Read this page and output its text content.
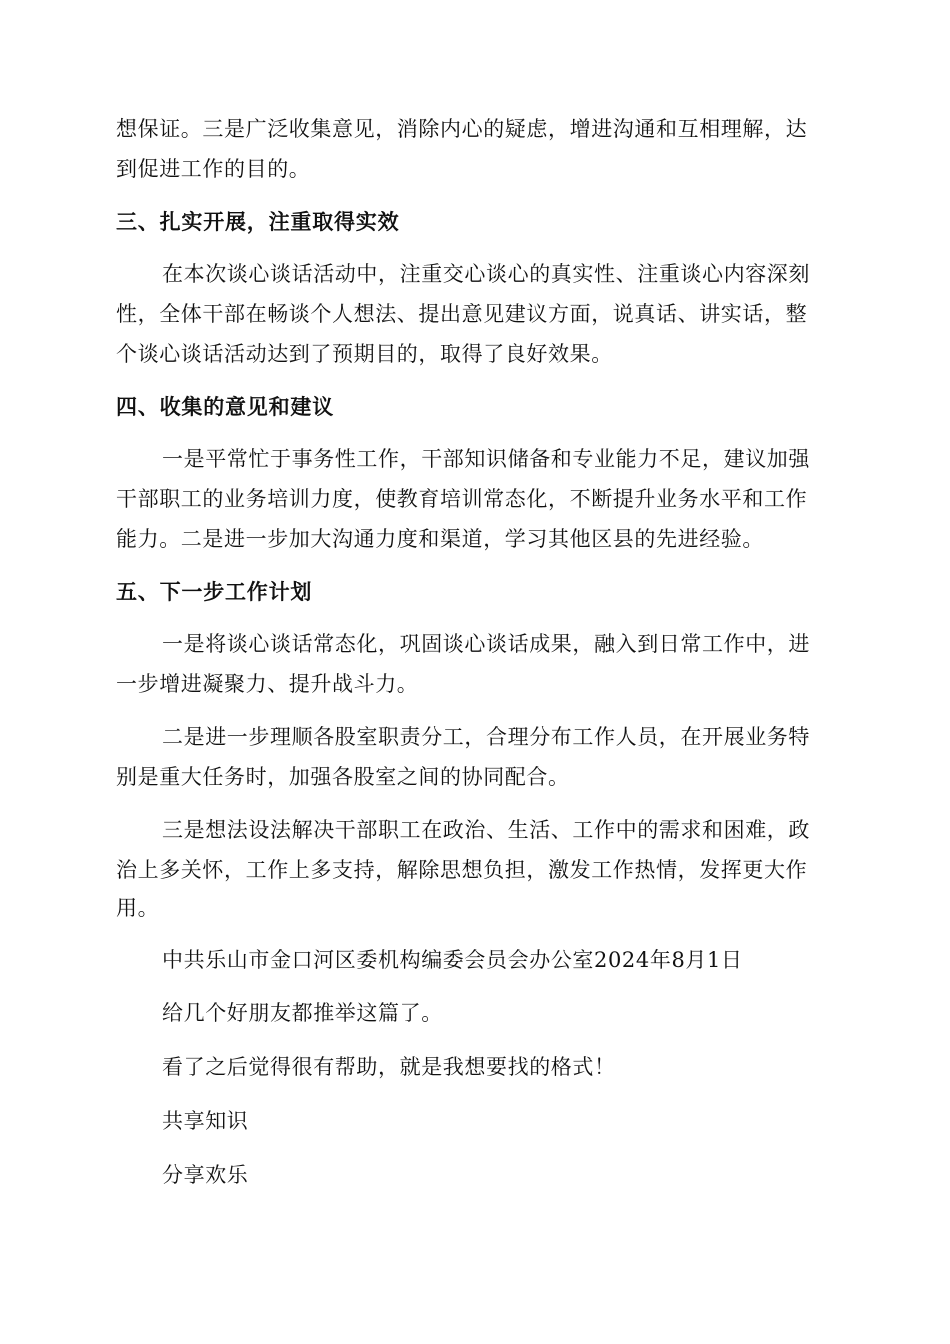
想保证。三是广泛收集意见，消除内心的疑虑，增进沟通和互相理解，达
到促进工作的目的。
三、扎实开展，注重取得实效
在本次谈心谈话活动中，注重交心谈心的真实性、注重谈心内容深刻
性，全体干部在畅谈个人想法、提出意见建议方面，说真话、讲实话，整
个谈心谈话活动达到了预期目的，取得了良好效果。
四、收集的意见和建议
一是平常忙于事务性工作，干部知识储备和专业能力不足，建议加强
干部职工的业务培训力度，使教育培训常态化，不断提升业务水平和工作
能力。二是进一步加大沟通力度和渠道，学习其他区县的先进经验。
五、下一步工作计划
一是将谈心谈话常态化，巩固谈心谈话成果，融入到日常工作中，进
一步增进凝聚力、提升战斗力。
二是进一步理顺各股室职责分工，合理分布工作人员，在开展业务特
别是重大任务时，加强各股室之间的协同配合。
三是想法设法解决干部职工在政治、生活、工作中的需求和困难，政
治上多关怀，工作上多支持，解除思想负担，激发工作热情，发挥更大作
用。
中共乐山市金口河区委机构编委会员会办公室2024年8月1日
给几个好朋友都推举这篇了。
看了之后觉得很有帮助，就是我想要找的格式！
共享知识
分享欢乐
